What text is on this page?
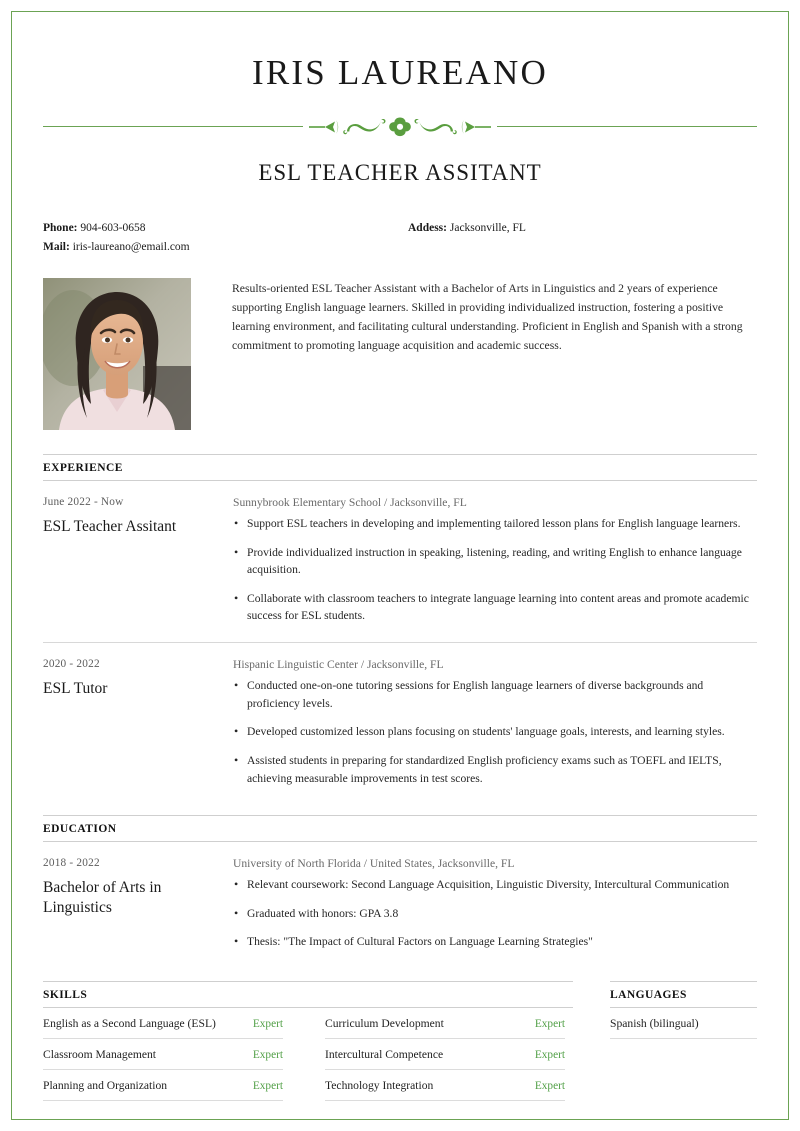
IRIS LAUREANO
ESL TEACHER ASSITANT
Phone: 904-603-0658
Mail: iris-laureano@email.com
Addess: Jacksonville, FL
Results-oriented ESL Teacher Assistant with a Bachelor of Arts in Linguistics and 2 years of experience supporting English language learners. Skilled in providing individualized instruction, fostering a positive learning environment, and facilitating cultural understanding. Proficient in English and Spanish with a strong commitment to promoting language acquisition and academic success.
EXPERIENCE
June 2022 - Now
ESL Teacher Assitant
Sunnybrook Elementary School / Jacksonville, FL
• Support ESL teachers in developing and implementing tailored lesson plans for English language learners.
• Provide individualized instruction in speaking, listening, reading, and writing English to enhance language acquisition.
• Collaborate with classroom teachers to integrate language learning into content areas and promote academic success for ESL students.
2020 - 2022
ESL Tutor
Hispanic Linguistic Center / Jacksonville, FL
• Conducted one-on-one tutoring sessions for English language learners of diverse backgrounds and proficiency levels.
• Developed customized lesson plans focusing on students' language goals, interests, and learning styles.
• Assisted students in preparing for standardized English proficiency exams such as TOEFL and IELTS, achieving measurable improvements in test scores.
EDUCATION
2018 - 2022
Bachelor of Arts in Linguistics
University of North Florida / United States, Jacksonville, FL
• Relevant coursework: Second Language Acquisition, Linguistic Diversity, Intercultural Communication
• Graduated with honors: GPA 3.8
• Thesis: "The Impact of Cultural Factors on Language Learning Strategies"
SKILLS
English as a Second Language (ESL)	Expert
Classroom Management	Expert
Planning and Organization	Expert
Curriculum Development	Expert
Intercultural Competence	Expert
Technology Integration	Expert
LANGUAGES
Spanish (bilingual)
